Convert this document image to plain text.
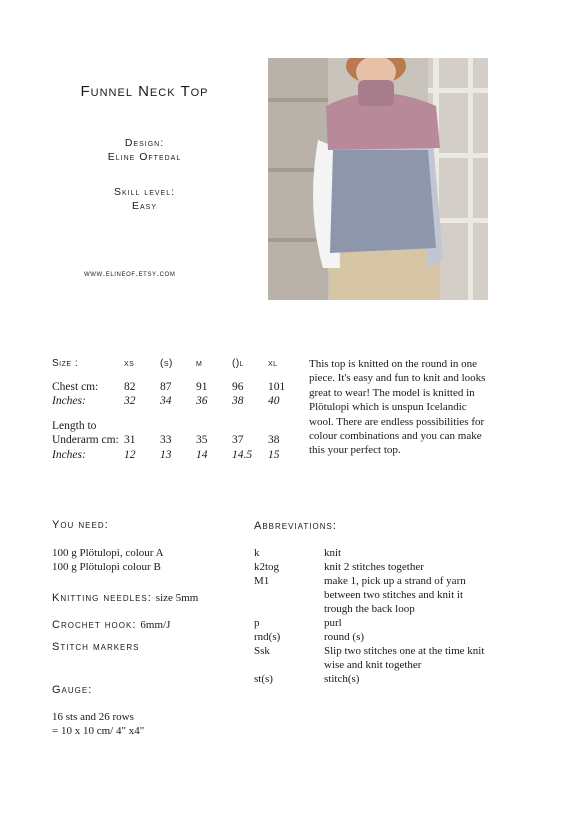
Funnel Neck Top
Design:
Eline Oftedal
Skill level:
Easy
www.elineof.etsy.com
Size :	xs	(s)	m	()l	xl

Chest cm:	82	87	91	96	101
Inches:	32	34	36	38	40

Length to					
Underarm cm:	31	33	35	37	38
Inches:	12	13	14	14.5	15
This top is knitted on the round in one piece. It's easy and fun to knit and looks great to wear! The model is knitted in Plötulopi which is unspun Icelandic wool. There are endless possibilities for colour combinations and you can make this your perfect top.
You need:
100 g Plötulopi, colour A
100 g Plötulopi colour B
Knitting needles: size 5mm
Crochet hook: 6mm/J
Stitch markers
Gauge:
16 sts and 26 rows
= 10 x 10 cm/ 4" x4"
Abbreviations:
k	knit
k2tog	knit 2 stitches together
M1	make 1, pick up a strand of yarn between two stitches and knit it trough the back loop
p	purl
rnd(s)	round (s)
Ssk	Slip two stitches one at the time knit wise and knit together
st(s)	stitch(s)
